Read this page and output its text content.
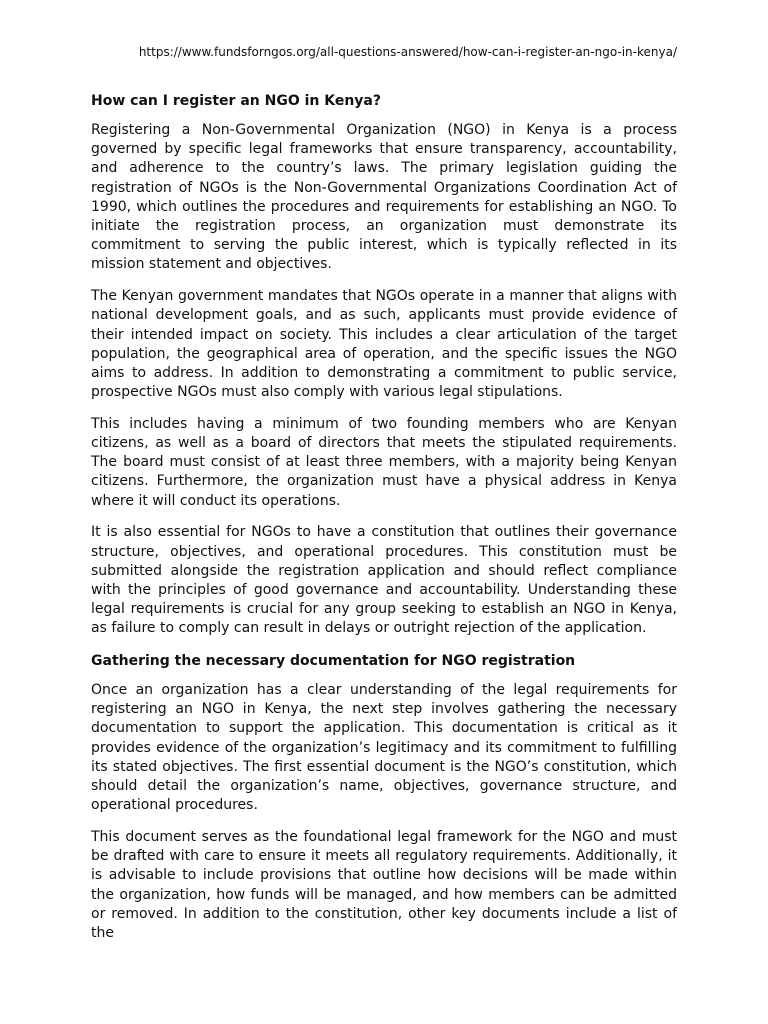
https://www.fundsforngos.org/all-questions-answered/how-can-i-register-an-ngo-in-kenya/
How can I register an NGO in Kenya?

Registering a Non-Governmental Organization (NGO) in Kenya is a process governed by specific legal frameworks that ensure transparency, accountability, and adherence to the country’s laws. The primary legislation guiding the registration of NGOs is the Non-Governmental Organizations Coordination Act of 1990, which outlines the procedures and requirements for establishing an NGO. To initiate the registration process, an organization must demonstrate its commitment to serving the public interest, which is typically reflected in its mission statement and objectives.

The Kenyan government mandates that NGOs operate in a manner that aligns with national development goals, and as such, applicants must provide evidence of their intended impact on society. This includes a clear articulation of the target population, the geographical area of operation, and the specific issues the NGO aims to address. In addition to demonstrating a commitment to public service, prospective NGOs must also comply with various legal stipulations.

This includes having a minimum of two founding members who are Kenyan citizens, as well as a board of directors that meets the stipulated requirements. The board must consist of at least three members, with a majority being Kenyan citizens. Furthermore, the organization must have a physical address in Kenya where it will conduct its operations.

It is also essential for NGOs to have a constitution that outlines their governance structure, objectives, and operational procedures. This constitution must be submitted alongside the registration application and should reflect compliance with the principles of good governance and accountability. Understanding these legal requirements is crucial for any group seeking to establish an NGO in Kenya, as failure to comply can result in delays or outright rejection of the application.

Gathering the necessary documentation for NGO registration

Once an organization has a clear understanding of the legal requirements for registering an NGO in Kenya, the next step involves gathering the necessary documentation to support the application. This documentation is critical as it provides evidence of the organization’s legitimacy and its commitment to fulfilling its stated objectives. The first essential document is the NGO’s constitution, which should detail the organization’s name, objectives, governance structure, and operational procedures.

This document serves as the foundational legal framework for the NGO and must be drafted with care to ensure it meets all regulatory requirements. Additionally, it is advisable to include provisions that outline how decisions will be made within the organization, how funds will be managed, and how members can be admitted or removed. In addition to the constitution, other key documents include a list of the
